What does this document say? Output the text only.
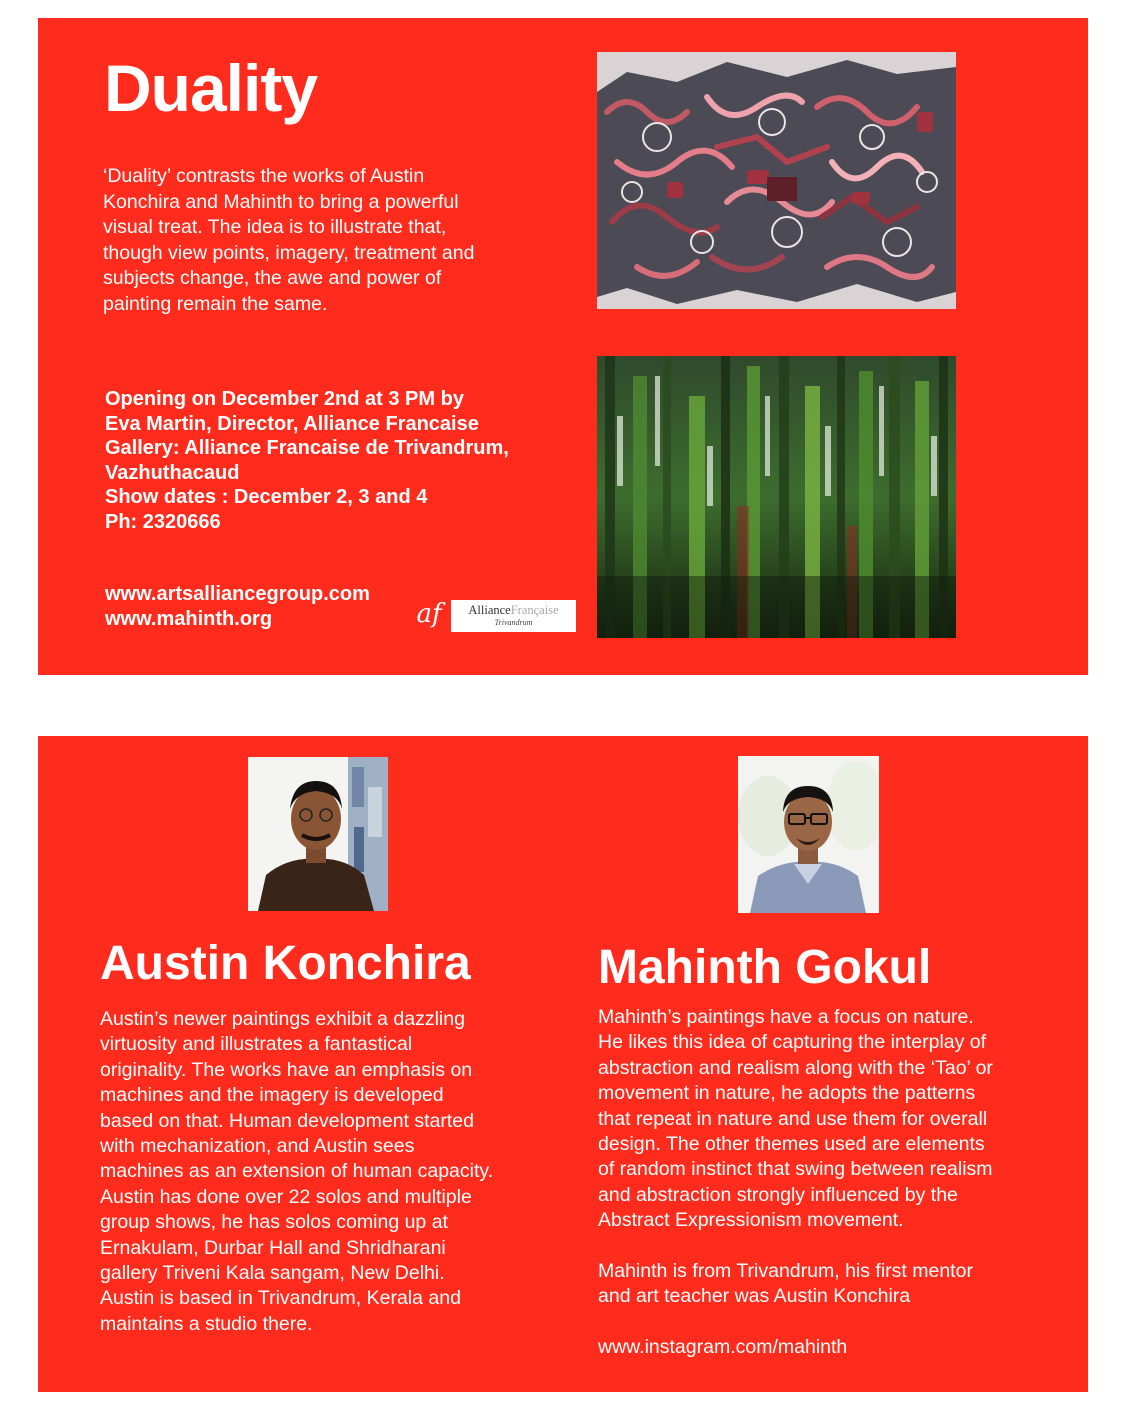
Duality
‘Duality’ contrasts the works of Austin
Konchira and Mahinth to bring a powerful
visual treat. The idea is to illustrate that,
though view points, imagery, treatment and
subjects change, the awe and power of
painting remain the same.
Opening on December 2nd at 3 PM by
Eva Martin, Director, Alliance Francaise
Gallery: Alliance Francaise de Trivandrum,
Vazhuthacaud
Show dates : December 2, 3 and 4
Ph: 2320666
www.artsalliancegroup.com
www.mahinth.org	af	AllianceFrançaise
Trivandrum
Austin Konchira	Mahinth Gokul
Austin’s newer paintings exhibit a dazzling
virtuosity and illustrates a fantastical
originality. The works have an emphasis on
machines and the imagery is developed
based on that. Human development started
with mechanization, and Austin sees
machines as an extension of human capacity.
Austin has done over 22 solos and multiple
group shows, he has solos coming up at
Ernakulam, Durbar Hall and Shridharani
gallery Triveni Kala sangam, New Delhi.
Austin is based in Trivandrum, Kerala and
maintains a studio there.
Mahinth’s paintings have a focus on nature.
He likes this idea of capturing the interplay of
abstraction and realism along with the ‘Tao’ or
movement in nature, he adopts the patterns
that repeat in nature and use them for overall
design. The other themes used are elements
of random instinct that swing between realism
and abstraction strongly influenced by the
Abstract Expressionism movement.
Mahinth is from Trivandrum, his first mentor
and art teacher was Austin Konchira
www.instagram.com/mahinth
